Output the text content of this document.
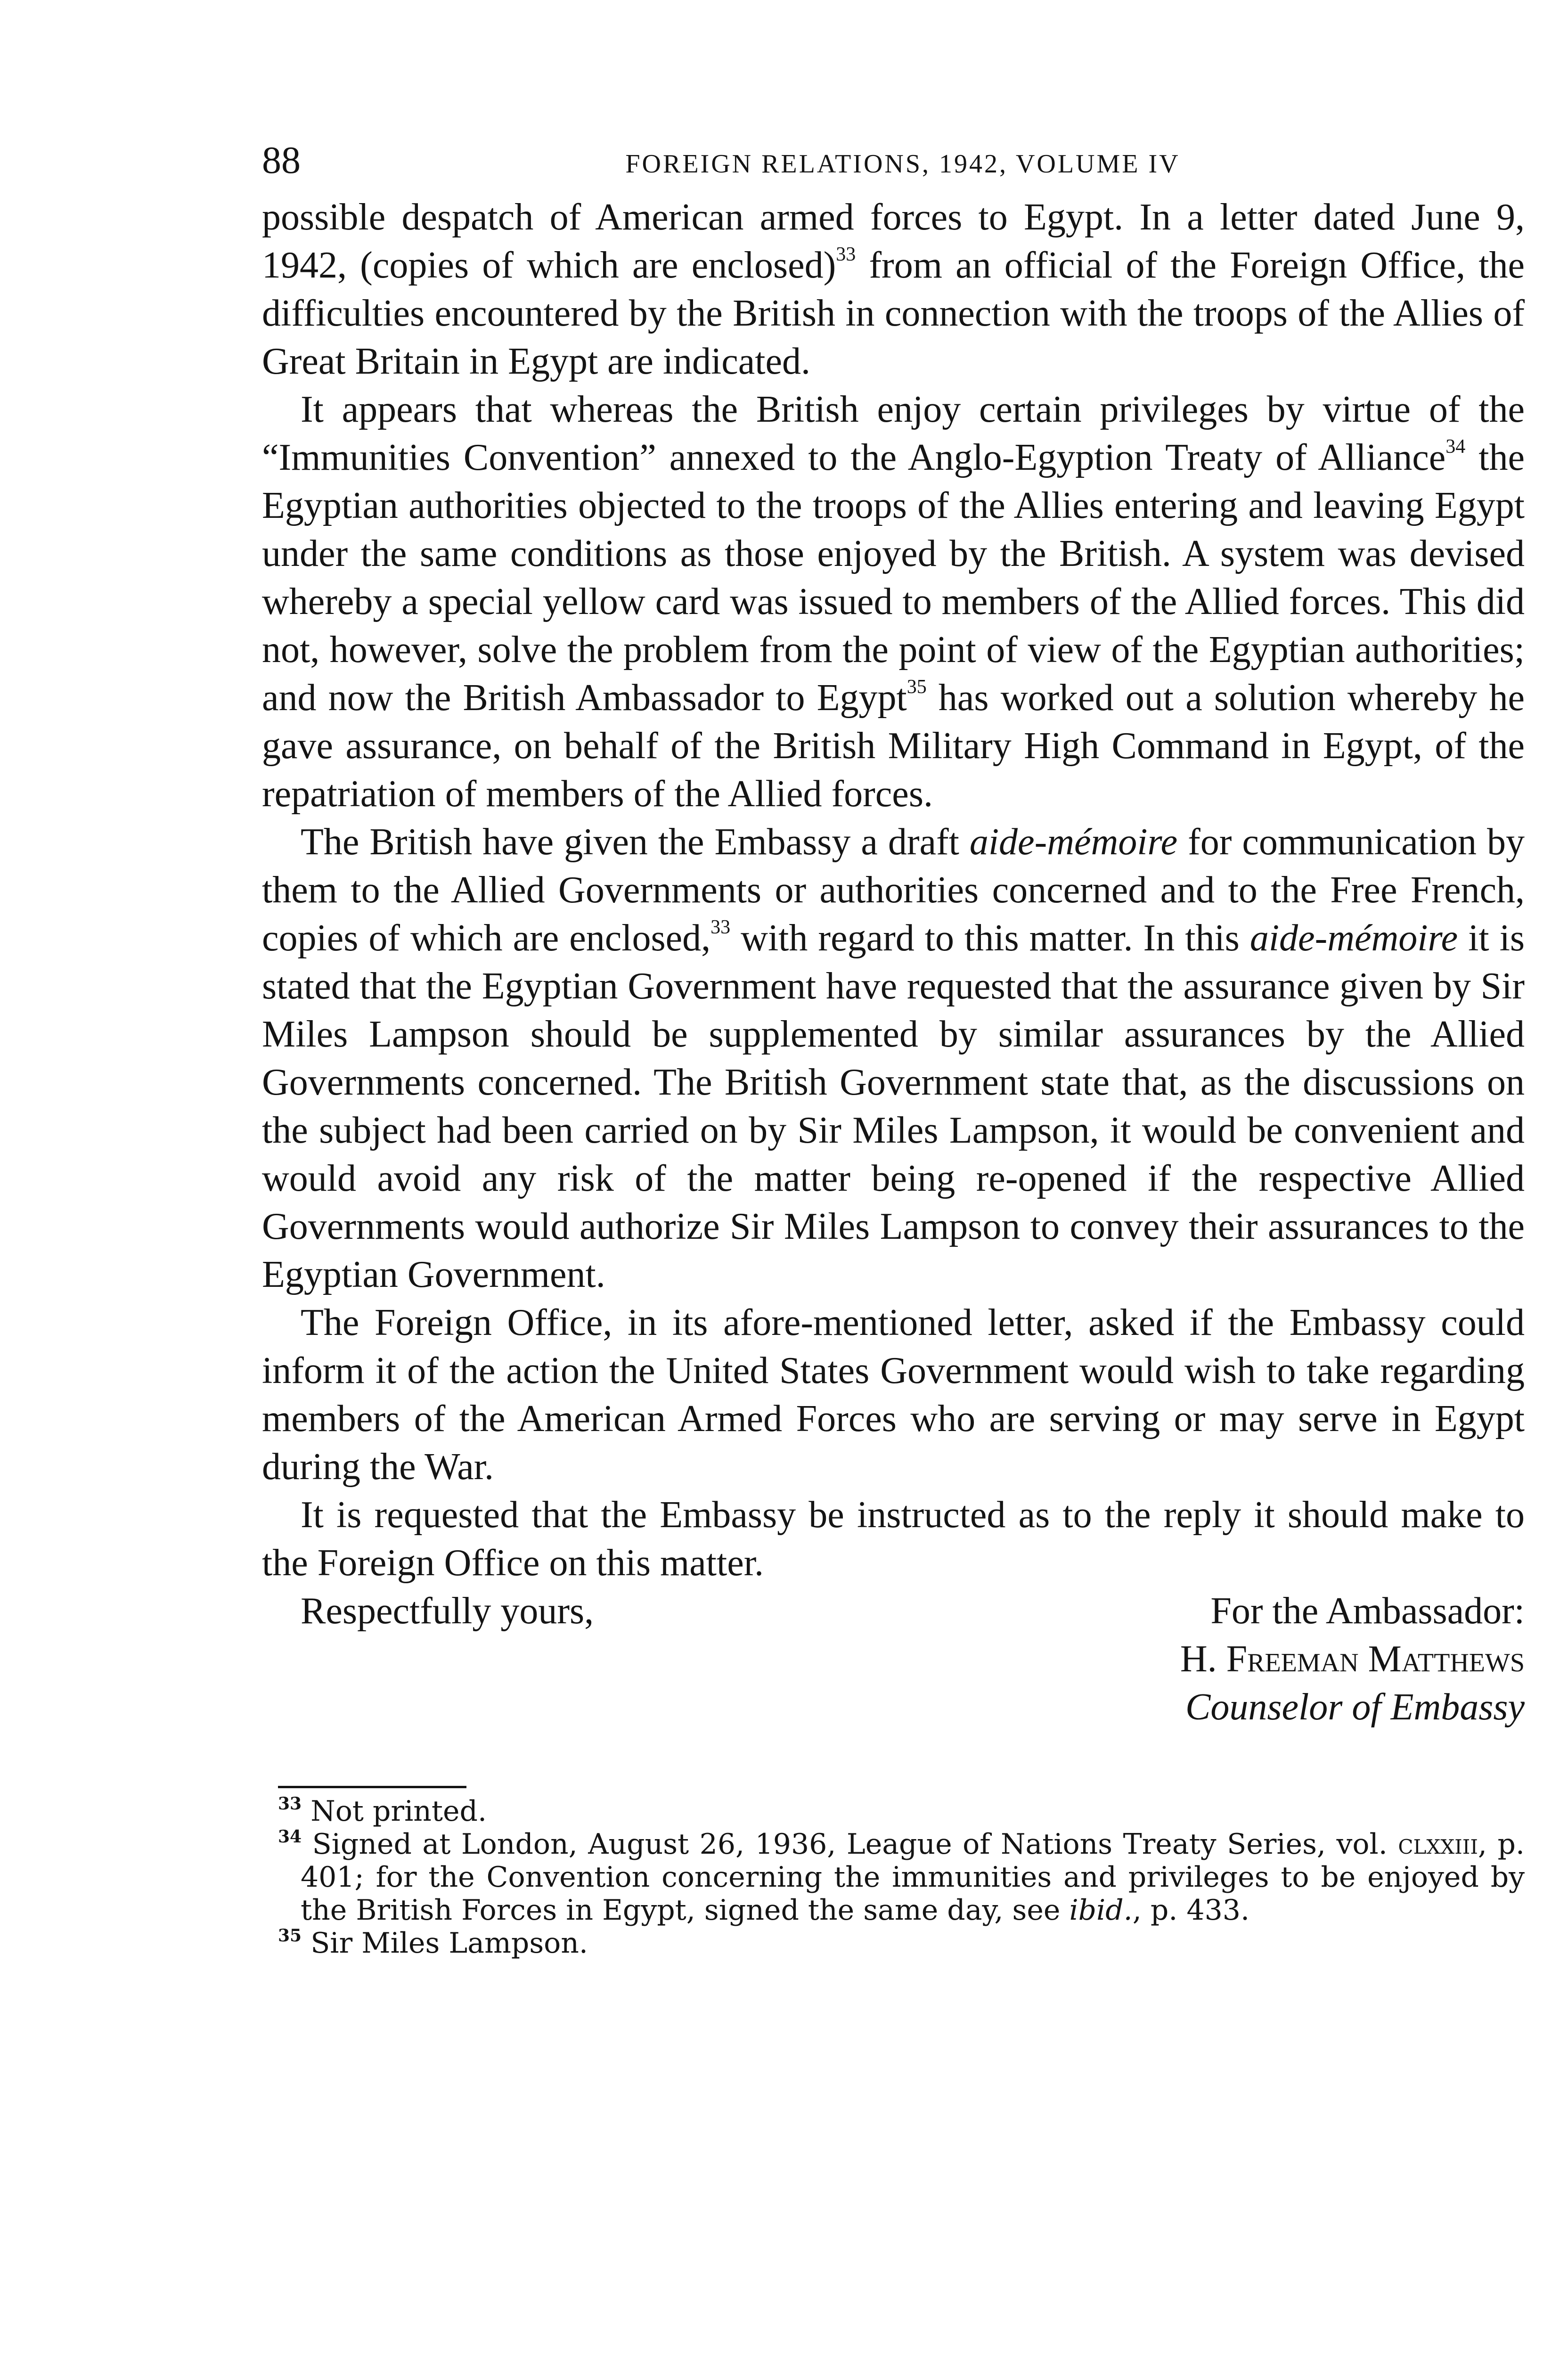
88	FOREIGN RELATIONS, 1942, VOLUME IV

possible despatch of American armed forces to Egypt. In a letter dated June 9, 1942, (copies of which are enclosed)$^{33}$ from an official of the Foreign Office, the difficulties encountered by the British in connection with the troops of the Allies of Great Britain in Egypt are indicated.

It appears that whereas the British enjoy certain privileges by virtue of the “Immunities Convention” annexed to the Anglo-Egyption Treaty of Alliance$^{34}$ the Egyptian authorities objected to the troops of the Allies entering and leaving Egypt under the same conditions as those enjoyed by the British. A system was devised whereby a special yellow card was issued to members of the Allied forces. This did not, however, solve the problem from the point of view of the Egyptian authorities; and now the British Ambassador to Egypt$^{35}$ has worked out a solution whereby he gave assurance, on behalf of the British Military High Command in Egypt, of the repatriation of members of the Allied forces.

The British have given the Embassy a draft aide-mémoire for communication by them to the Allied Governments or authorities concerned and to the Free French, copies of which are enclosed,$^{33}$ with regard to this matter. In this aide-mémoire it is stated that the Egyptian Government have requested that the assurance given by Sir Miles Lampson should be supplemented by similar assurances by the Allied Governments concerned. The British Government state that, as the discussions on the subject had been carried on by Sir Miles Lampson, it would be convenient and would avoid any risk of the matter being re-opened if the respective Allied Governments would authorize Sir Miles Lampson to convey their assurances to the Egyptian Government.

The Foreign Office, in its afore-mentioned letter, asked if the Embassy could inform it of the action the United States Government would wish to take regarding members of the American Armed Forces who are serving or may serve in Egypt during the War.

It is requested that the Embassy be instructed as to the reply it should make to the Foreign Office on this matter.

Respectfully yours,	For the Ambassador:
H. Freeman Matthews
Counselor of Embassy

$^{33}$ Not printed.

$^{34}$ Signed at London, August 26, 1936, League of Nations Treaty Series, vol. clxxiii, p. 401; for the Convention concerning the immunities and privileges to be enjoyed by the British Forces in Egypt, signed the same day, see ibid., p. 433.

$^{35}$ Sir Miles Lampson.
